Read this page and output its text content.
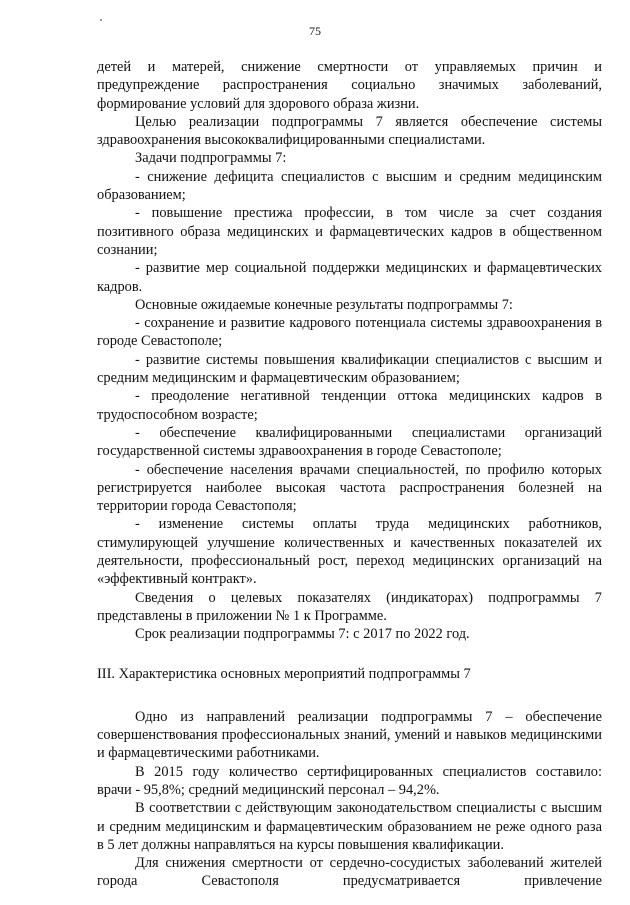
75

детей и матерей, снижение смертности от управляемых причин и предупреждение распространения социально значимых заболеваний, формирование условий для здорового образа жизни.

Целью реализации подпрограммы 7 является обеспечение системы здравоохранения высококвалифицированными специалистами.

Задачи подпрограммы 7:

- снижение дефицита специалистов с высшим и средним медицинским образованием;

- повышение престижа профессии, в том числе за счет создания позитивного образа медицинских и фармацевтических кадров в общественном сознании;

- развитие мер социальной поддержки медицинских и фармацевтических кадров.

Основные ожидаемые конечные результаты подпрограммы 7:

- сохранение и развитие кадрового потенциала системы здравоохранения в городе Севастополе;

- развитие системы повышения квалификации специалистов с высшим и средним медицинским и фармацевтическим образованием;

- преодоление негативной тенденции оттока медицинских кадров в трудоспособном возрасте;

- обеспечение квалифицированными специалистами организаций государственной системы здравоохранения в городе Севастополе;

- обеспечение населения врачами специальностей, по профилю которых регистрируется наиболее высокая частота распространения болезней на территории города Севастополя;

- изменение системы оплаты труда медицинских работников, стимулирующей улучшение количественных и качественных показателей их деятельности, профессиональный рост, переход медицинских организаций на «эффективный контракт».

Сведения о целевых показателях (индикаторах) подпрограммы 7 представлены в приложении № 1 к Программе.

Срок реализации подпрограммы 7: с 2017 по 2022 год.

III. Характеристика основных мероприятий подпрограммы 7

Одно из направлений реализации подпрограммы 7 – обеспечение совершенствования профессиональных знаний, умений и навыков медицинскими и фармацевтическими работниками.

В 2015 году количество сертифицированных специалистов составило: врачи - 95,8%; средний медицинский персонал – 94,2%.

В соответствии с действующим законодательством специалисты с высшим и средним медицинским и фармацевтическим образованием не реже одного раза в 5 лет должны направляться на курсы повышения квалификации.

Для снижения смертности от сердечно-сосудистых заболеваний жителей города Севастополя предусматривается привлечение
